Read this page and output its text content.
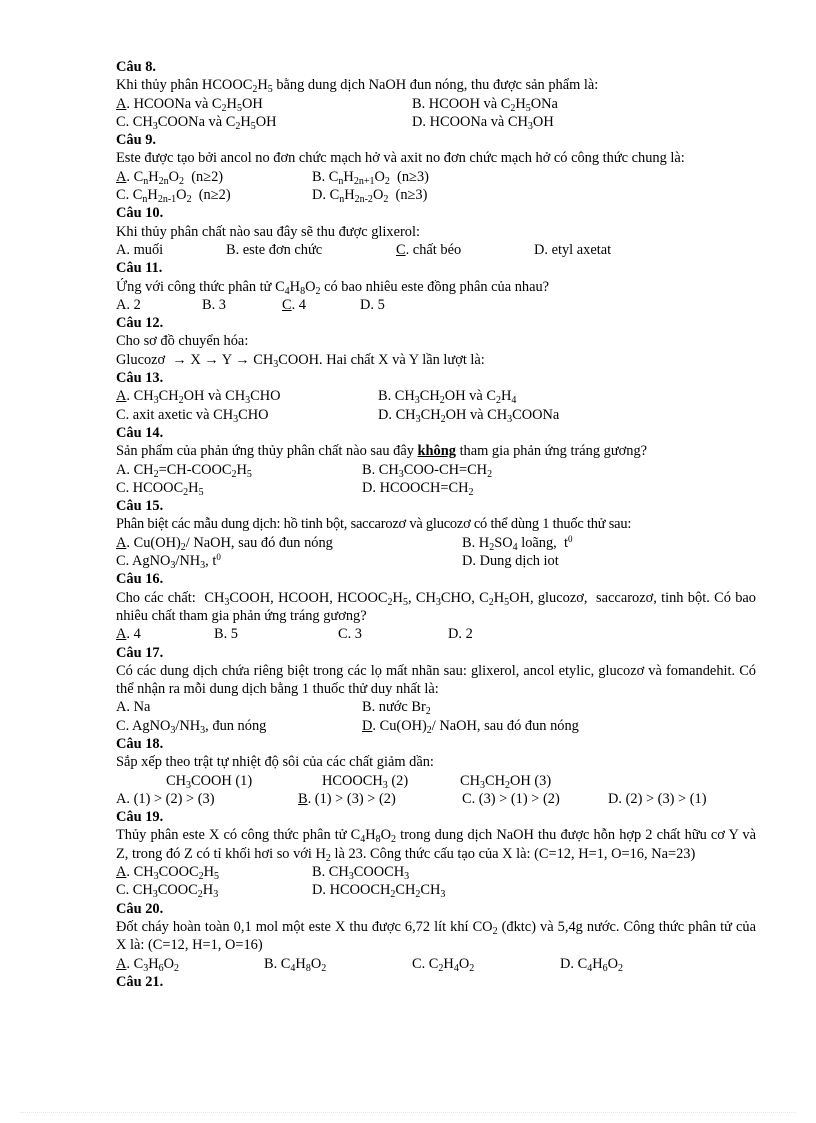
Câu 8.

Khi thủy phân $HCOOC_2H_5$ bằng dung dịch NaOH đun nóng, thu được sản phẩm là:

A. HCOONa và $C_2H_5OH$	B. HCOOH và $C_2H_5ONa$
C. $CH_3COONa$ và $C_2H_5OH$	D. HCOONa và $CH_3OH$

Câu 9.

Este được tạo bởi ancol no đơn chức mạch hở và axit no đơn chức mạch hở có công thức chung là:

A. $C_nH_{2n}O_2$  (n≥2)	B. $C_nH_{2n+1}O_2$  (n≥3)
C. $C_nH_{2n-1}O_2$  (n≥2)	D. $C_nH_{2n-2}O_2$  (n≥3)

Câu 10.

Khi thủy phân chất nào sau đây sẽ thu được glixerol:

A. muối	B. este đơn chức	C. chất béo	D. etyl axetat

Câu 11.

Ứng với công thức phân tử $C_4H_8O_2$ có bao nhiêu este đồng phân của nhau?

A. 2	B. 3	C. 4	D. 5

Câu 12.

Cho sơ đồ chuyển hóa:

Glucozơ  → $X \to Y \to CH_3COOH$. Hai chất X và Y lần lượt là:

Câu 13.

A. $CH_3CH_2OH$ và $CH_3CHO$	B. $CH_3CH_2OH$ và $C_2H_4$
C. axit axetic và $CH_3CHO$	D. $CH_3CH_2OH$ và $CH_3COONa$

Câu 14.

Sản phẩm của phản ứng thủy phân chất nào sau đây không tham gia phản ứng tráng gương?

A. $CH_2=CH-COOC_2H_5$	B. $CH_3COO-CH=CH_2$
C. $HCOOC_2H_5$	D. $HCOOCH=CH_2$

Câu 15.

Phân biệt các mẫu dung dịch: hồ tinh bột, saccarozơ và glucozơ có thể dùng 1 thuốc thử sau:

A. $Cu(OH)_2/$ NaOH, sau đó đun nóng	B. $H_2SO_4$ loãng,  $t^0$
C. $AgNO_3/NH_3$, $t^0$	D. Dung dịch iot

Câu 16.

Cho các chất:  $CH_3COOH$, HCOOH, $HCOOC_2H_5$, $CH_3CHO$, $C_2H_5OH$, glucozơ,  saccarozơ, tinh bột. Có bao nhiêu chất tham gia phản ứng tráng gương?

A. 4	B. 5	C. 3	D. 2

Câu 17.

Có các dung dịch chứa riêng biệt trong các lọ mất nhãn sau: glixerol, ancol etylic, glucozơ và fomandehit. Có thể nhận ra mỗi dung dịch bằng 1 thuốc thử duy nhất là:

A. Na	B. nước $Br_2$
C. $AgNO_3/NH_3$, đun nóng	D. $Cu(OH)_2/$ NaOH, sau đó đun nóng

Câu 18.

Sắp xếp theo trật tự nhiệt độ sôi của các chất giảm dần:

$CH_3COOH$ (1)	$HCOOCH_3$ (2)	$CH_3CH_2OH$ (3)
A. (1) > (2) > (3)	B. (1) > (3) > (2)	C. (3) > (1) > (2)	D. (2) > (3) > (1)

Câu 19.

Thủy phân este X có công thức phân tử $C_4H_8O_2$ trong dung dịch NaOH thu được hỗn hợp 2 chất hữu cơ Y và Z, trong đó Z có tỉ khối hơi so với $H_2$ là 23. Công thức cấu tạo của X là: (C=12, H=1, O=16, Na=23)

A. $CH_3COOC_2H_5$	B. $CH_3COOCH_3$
C. $CH_3COOC_2H_3$	D. $HCOOCH_2CH_2CH_3$

Câu 20.

Đốt cháy hoàn toàn 0,1 mol một este X thu được 6,72 lít khí $CO_2$ (đktc) và 5,4g nước. Công thức phân tử của X là: (C=12, H=1, O=16)

A. $C_3H_6O_2$	B. $C_4H_8O_2$	C. $C_2H_4O_2$	D. $C_4H_6O_2$

Câu 21.
